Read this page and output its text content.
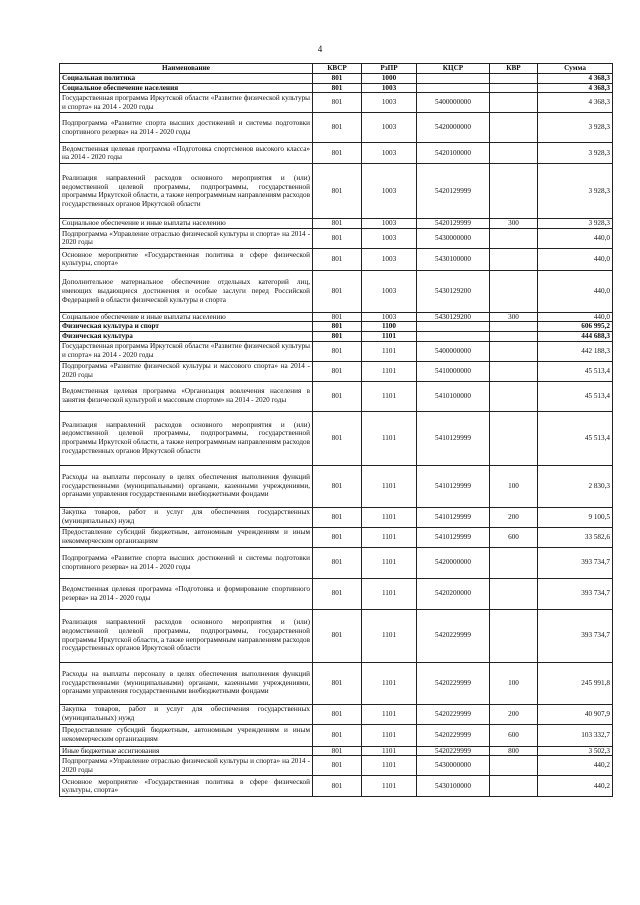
4
Наименование	КВСР	РзПР	КЦСР	КВР	Сумма
Социальная политика	801	1000			4 368,3
Социальное обеспечение населения	801	1003			4 368,3
Государственная программа Иркутской области «Развитие физической культуры и спорта» на 2014 - 2020 годы	801	1003	5400000000		4 368,3
Подпрограмма «Развитие спорта высших достижений и системы подготовки спортивного резерва» на 2014 - 2020 годы	801	1003	5420000000		3 928,3
Ведомственная целевая программа «Подготовка спортсменов высокого класса» на 2014 - 2020 годы	801	1003	5420100000		3 928,3
Реализация направлений расходов основного мероприятия и (или) ведомственной целевой программы, подпрограммы, государственной программы Иркутской области, а также непрограммным направлениям расходов государственных органов Иркутской области	801	1003	5420129999		3 928,3
Социальное обеспечение и иные выплаты населению	801	1003	5420129999	300	3 928,3
Подпрограмма «Управление отраслью физической культуры и спорта» на 2014 - 2020 годы	801	1003	5430000000		440,0
Основное мероприятие «Государственная политика в сфере физической культуры, спорта»	801	1003	5430100000		440,0
Дополнительное материальное обеспечение отдельных категорий лиц, имеющих выдающиеся достижения и особые заслуги перед Российской Федерацией в области физической культуры и спорта	801	1003	5430129200		440,0
Социальное обеспечение и иные выплаты населению	801	1003	5430129200	300	440,0
Физическая культура и спорт	801	1100			606 995,2
Физическая культура	801	1101			444 688,3
Государственная программа Иркутской области «Развитие физической культуры и спорта» на 2014 - 2020 годы	801	1101	5400000000		442 188,3
Подпрограмма «Развитие физической культуры и массового спорта» на 2014 - 2020 годы	801	1101	5410000000		45 513,4
Ведомственная целевая программа «Организация вовлечения населения в занятия физической культурой и массовым спортом» на 2014 - 2020 годы	801	1101	5410100000		45 513,4
Реализация направлений расходов основного мероприятия и (или) ведомственной целевой программы, подпрограммы, государственной программы Иркутской области, а также непрограммным направлениям расходов государственных органов Иркутской области	801	1101	5410129999		45 513,4
Расходы на выплаты персоналу в целях обеспечения выполнения функций государственными (муниципальными) органами, казенными учреждениями, органами управления государственными внебюджетными фондами	801	1101	5410129999	100	2 830,3
Закупка товаров, работ и услуг для обеспечения государственных (муниципальных) нужд	801	1101	5410129999	200	9 100,5
Предоставление субсидий бюджетным, автономным учреждениям и иным некоммерческим организациям	801	1101	5410129999	600	33 582,6
Подпрограмма «Развитие спорта высших достижений и системы подготовки спортивного резерва» на 2014 - 2020 годы	801	1101	5420000000		393 734,7
Ведомственная целевая программа «Подготовка и формирование спортивного резерва» на 2014 - 2020 годы	801	1101	5420200000		393 734,7
Реализация направлений расходов основного мероприятия и (или) ведомственной целевой программы, подпрограммы, государственной программы Иркутской области, а также непрограммным направлениям расходов государственных органов Иркутской области	801	1101	5420229999		393 734,7
Расходы на выплаты персоналу в целях обеспечения выполнения функций государственными (муниципальными) органами, казенными учреждениями, органами управления государственными внебюджетными фондами	801	1101	5420229999	100	245 991,8
Закупка товаров, работ и услуг для обеспечения государственных (муниципальных) нужд	801	1101	5420229999	200	40 907,9
Предоставление субсидий бюджетным, автономным учреждениям и иным некоммерческим организациям	801	1101	5420229999	600	103 332,7
Иные бюджетные ассигнования	801	1101	5420229999	800	3 502,3
Подпрограмма «Управление отраслью физической культуры и спорта» на 2014 - 2020 годы	801	1101	5430000000		440,2
Основное мероприятие «Государственная политика в сфере физической культуры, спорта»	801	1101	5430100000		440,2
